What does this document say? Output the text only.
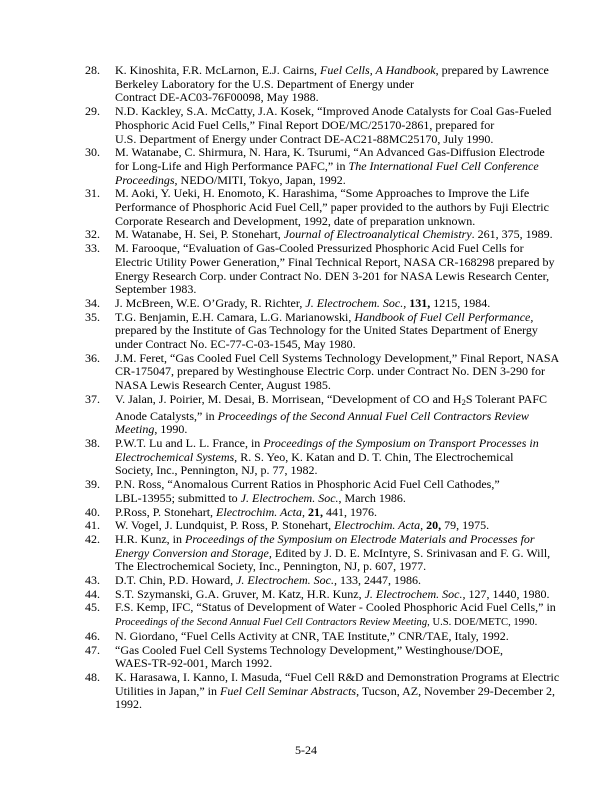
28.	K. Kinoshita, F.R. McLarnon, E.J. Cairns, Fuel Cells, A Handbook, prepared by Lawrence
Berkeley Laboratory for the U.S. Department of Energy under
Contract DE-AC03-76F00098, May 1988.
29.	N.D. Kackley, S.A. McCatty, J.A. Kosek, “Improved Anode Catalysts for Coal Gas-Fueled
Phosphoric Acid Fuel Cells,” Final Report DOE/MC/25170-2861, prepared for
U.S. Department of Energy under Contract DE-AC21-88MC25170, July 1990.
30.	M. Watanabe, C. Shirmura, N. Hara, K. Tsurumi, “An Advanced Gas-Diffusion Electrode
for Long-Life and High Performance PAFC,” in The International Fuel Cell Conference
Proceedings, NEDO/MITI, Tokyo, Japan, 1992.
31.	M. Aoki, Y. Ueki, H. Enomoto, K. Harashima, “Some Approaches to Improve the Life
Performance of Phosphoric Acid Fuel Cell,” paper provided to the authors by Fuji Electric
Corporate Research and Development, 1992, date of preparation unknown.
32.	M. Watanabe, H. Sei, P. Stonehart, Journal of Electroanalytical Chemistry. 261, 375, 1989.
33.	M. Farooque, “Evaluation of Gas-Cooled Pressurized Phosphoric Acid Fuel Cells for
Electric Utility Power Generation,” Final Technical Report, NASA CR-168298 prepared by
Energy Research Corp. under Contract No. DEN 3-201 for NASA Lewis Research Center,
September 1983.
34.	J. McBreen, W.E. O’Grady, R. Richter, J. Electrochem. Soc., 131, 1215, 1984.
35.	T.G. Benjamin, E.H. Camara, L.G. Marianowski, Handbook of Fuel Cell Performance,
prepared by the Institute of Gas Technology for the United States Department of Energy
under Contract No. EC-77-C-03-1545, May 1980.
36.	J.M. Feret, “Gas Cooled Fuel Cell Systems Technology Development,” Final Report, NASA
CR-175047, prepared by Westinghouse Electric Corp. under Contract No. DEN 3-290 for
NASA Lewis Research Center, August 1985.
37.	V. Jalan, J. Poirier, M. Desai, B. Morrisean, “Development of CO and H2S Tolerant PAFC
Anode Catalysts,” in Proceedings of the Second Annual Fuel Cell Contractors Review
Meeting, 1990.
38.	P.W.T. Lu and L. L. France, in Proceedings of the Symposium on Transport Processes in
Electrochemical Systems, R. S. Yeo, K. Katan and D. T. Chin, The Electrochemical
Society, Inc., Pennington, NJ, p. 77, 1982.
39.	P.N. Ross, “Anomalous Current Ratios in Phosphoric Acid Fuel Cell Cathodes,”
LBL-13955; submitted to J. Electrochem. Soc., March 1986.
40.	P.Ross, P. Stonehart, Electrochim. Acta, 21, 441, 1976.
41.	W. Vogel, J. Lundquist, P. Ross, P. Stonehart, Electrochim. Acta, 20, 79, 1975.
42.	H.R. Kunz, in Proceedings of the Symposium on Electrode Materials and Processes for
Energy Conversion and Storage, Edited by J. D. E. McIntyre, S. Srinivasan and F. G. Will,
The Electrochemical Society, Inc., Pennington, NJ, p. 607, 1977.
43.	D.T. Chin, P.D. Howard, J. Electrochem. Soc., 133, 2447, 1986.
44.	S.T. Szymanski, G.A. Gruver, M. Katz, H.R. Kunz, J. Electrochem. Soc., 127, 1440, 1980.
45.	F.S. Kemp, IFC, “Status of Development of Water - Cooled Phosphoric Acid Fuel Cells,” in
Proceedings of the Second Annual Fuel Cell Contractors Review Meeting, U.S. DOE/METC, 1990.
46.	N. Giordano, “Fuel Cells Activity at CNR, TAE Institute,” CNR/TAE, Italy, 1992.
47.	“Gas Cooled Fuel Cell Systems Technology Development,” Westinghouse/DOE,
WAES-TR-92-001, March 1992.
48.	K. Harasawa, I. Kanno, I. Masuda, “Fuel Cell R&D and Demonstration Programs at Electric
Utilities in Japan,” in Fuel Cell Seminar Abstracts, Tucson, AZ, November 29-December 2,
1992.
5-24
